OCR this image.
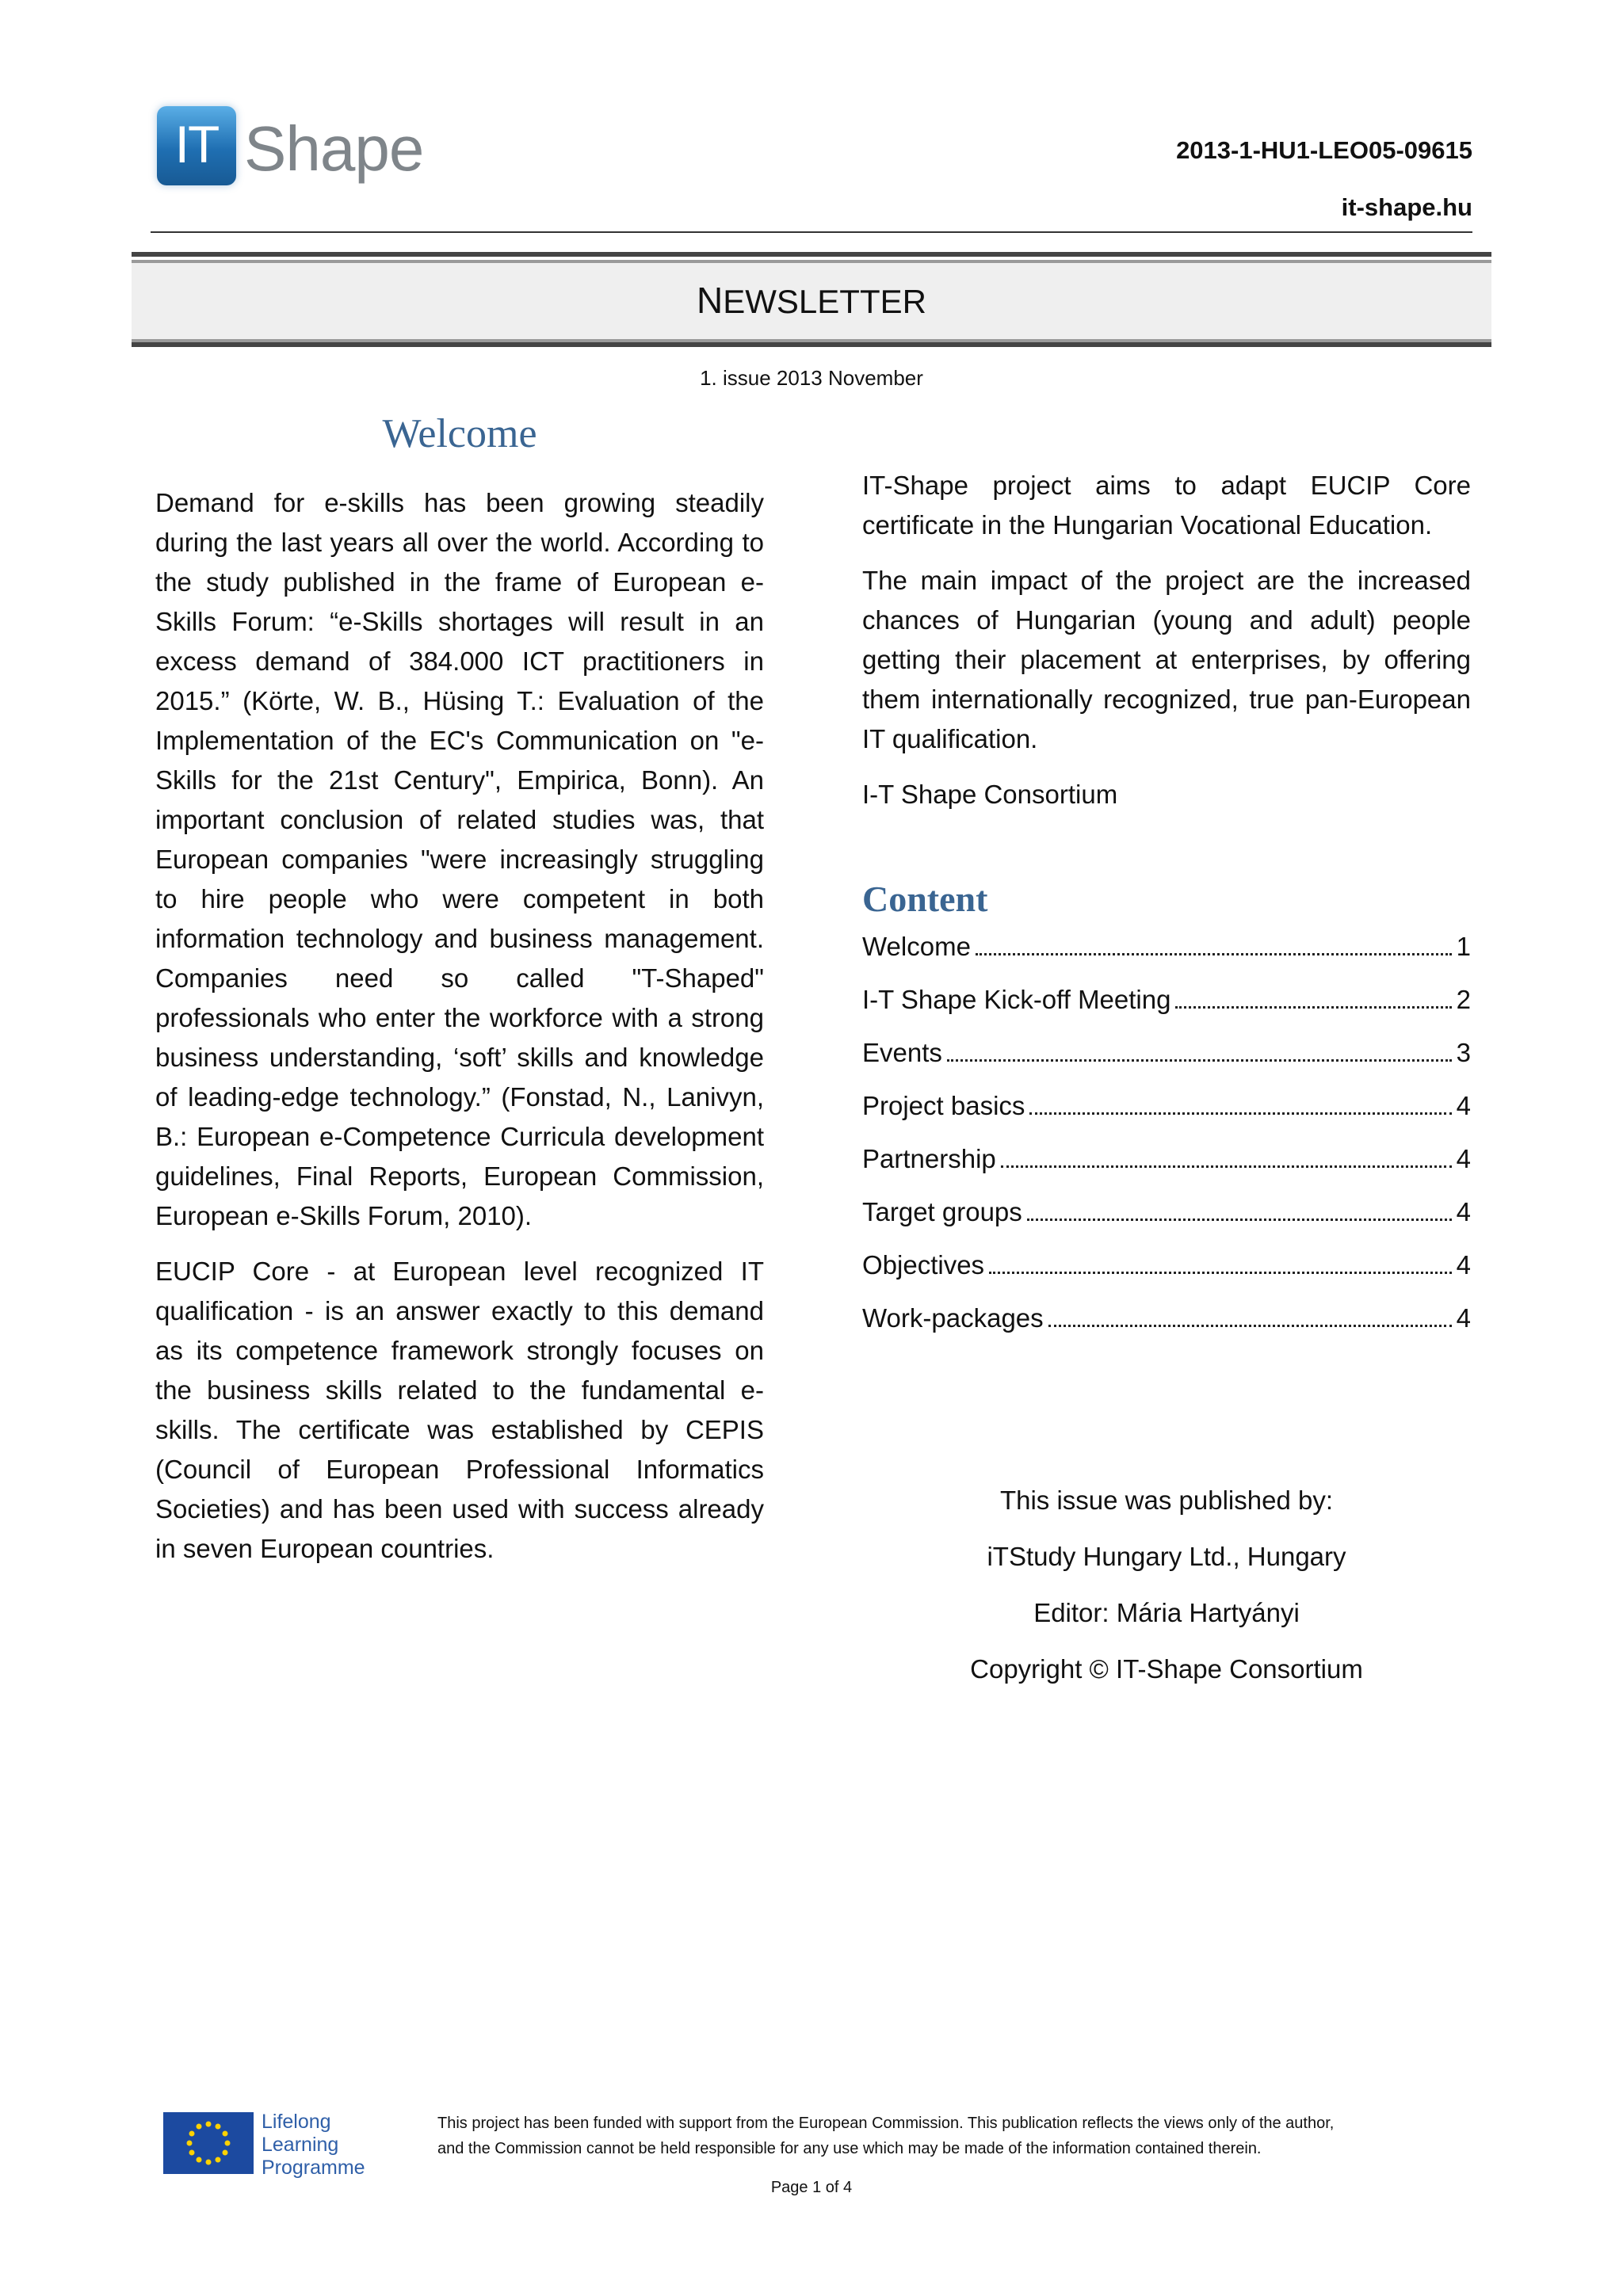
IT Shape	2013-1-HU1-LEO05-09615
it-shape.hu
NEWSLETTER
1. issue 2013 November
Welcome

Demand for e-skills has been growing steadily during the last years all over the world. According to the study published in the frame of European e-Skills Forum: “e-Skills shortages will result in an excess demand of 384.000 ICT practitioners in 2015.” (Körte, W. B., Hüsing T.: Evaluation of the Implementation of the EC's Communication on "e-Skills for the 21st Century", Empirica, Bonn). An important conclusion of related studies was, that European companies "were increasingly struggling to hire people who were competent in both information technology and business management. Companies need so called "T-Shaped" professionals who enter the workforce with a strong business understanding, ‘soft’ skills and knowledge of leading-edge technology.” (Fonstad, N., Lanivyn, B.: European e-Competence Curricula development guidelines, Final Reports, European Commission, European e-Skills Forum, 2010).

EUCIP Core - at European level recognized IT qualification - is an answer exactly to this demand as its competence framework strongly focuses on the business skills related to the fundamental e-skills. The certificate was established by CEPIS (Council of European Professional Informatics Societies) and has been used with success already in seven European countries.

IT-Shape project aims to adapt EUCIP Core certificate in the Hungarian Vocational Education.

The main impact of the project are the increased chances of Hungarian (young and adult) people getting their placement at enterprises, by offering them internationally recognized, true pan-European IT qualification.

I-T Shape Consortium

Content
Welcome	1
I-T Shape Kick-off Meeting	2
Events	3
Project basics	4
Partnership	4
Target groups	4
Objectives	4
Work-packages	4
This issue was published by:
iTStudy Hungary Ltd., Hungary
Editor: Mária Hartyányi
Copyright © IT-Shape Consortium
Lifelong
Learning
Programme
This project has been funded with support from the European Commission. This publication reflects the views only of the author,
and the Commission cannot be held responsible for any use which may be made of the information contained therein.
Page 1 of 4
